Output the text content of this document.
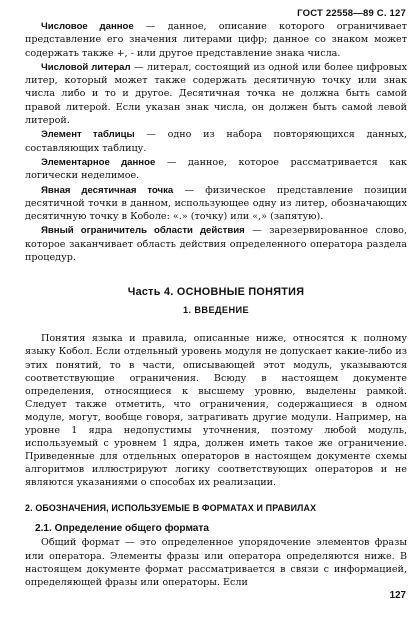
ГОСТ 22558—89 С. 127

Числовое данное — данное, описание которого ограничивает представление его значения литерами цифр; данное со знаком может содержать также +, - или другое представление знака числа.

Числовой литерал — литерал, состоящий из одной или более цифровых литер, который может также содержать десятичную точку или знак числа либо и то и другое. Десятичная точка не должна быть самой правой литерой. Если указан знак числа, он должен быть самой левой литерой.

Элемент таблицы — одно из набора повторяющихся данных, составляющих таблицу.

Элементарное данное — данное, которое рассматривается как логически неделимое.

Явная десятичная точка — физическое представление позиции десятичной точки в данном, использующее одну из литер, обозначающих десятичную точку в Коболе: «.» (точку) или «,» (запятую).

Явный ограничитель области действия — зарезервированное слово, которое заканчивает область действия определенного оператора раздела процедур.

Часть 4. ОСНОВНЫЕ ПОНЯТИЯ
1. ВВЕДЕНИЕ

Понятия языка и правила, описанные ниже, относятся к полному языку Кобол. Если отдельный уровень модуля не допускает какие-либо из этих понятий, то в части, описывающей этот модуль, указываются соответствующие ограничения. Всюду в настоящем документе определения, относящиеся к высшему уровню, выделены рамкой. Следует также отметить, что ограничения, содержащиеся в одном модуле, могут, вообще говоря, затрагивать другие модули. Например, на уровне 1 ядра недопустимы уточнения, поэтому любой модуль, используемый с уровнем 1 ядра, должен иметь такое же ограничение. Приведенные для отдельных операторов в настоящем документе схемы алгоритмов иллюстрируют логику соответствующих операторов и не являются указаниями о способах их реализации.

2. ОБОЗНАЧЕНИЯ, ИСПОЛЬЗУЕМЫЕ В ФОРМАТАХ И ПРАВИЛАХ
2.1. Определение общего формата

Общий формат — это определенное упорядочение элементов фразы или оператора. Элементы фразы или оператора определяются ниже. В настоящем документе формат рассматривается в связи с информацией, определяющей фразы или операторы. Если

127
